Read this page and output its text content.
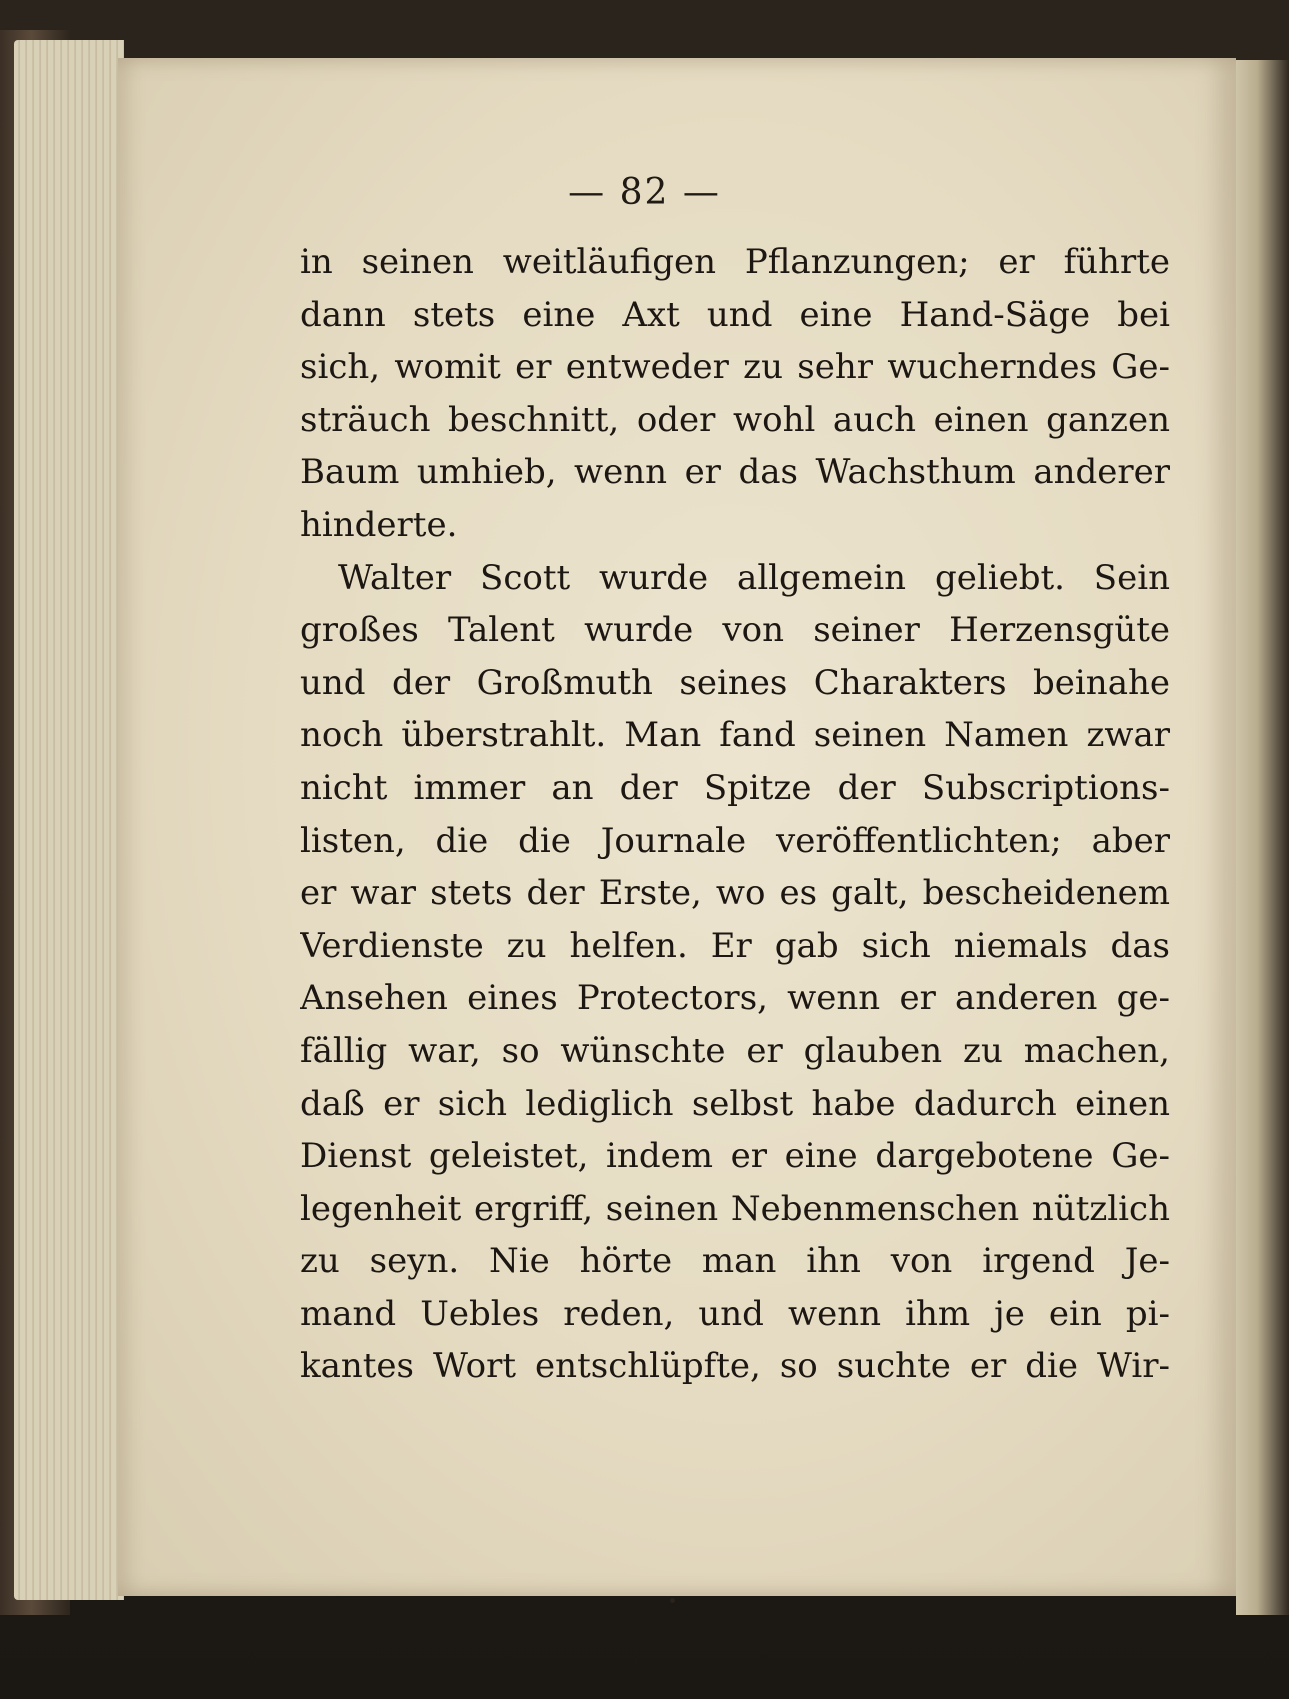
— 82 —
in seinen weitläufigen Pflanzungen; er führte
dann stets eine Axt und eine Hand-Säge bei
sich, womit er entweder zu sehr wucherndes Ge-
sträuch beschnitt, oder wohl auch einen ganzen
Baum umhieb, wenn er das Wachsthum anderer
hinderte.
Walter Scott wurde allgemein geliebt. Sein
großes Talent wurde von seiner Herzensgüte
und der Großmuth seines Charakters beinahe
noch überstrahlt. Man fand seinen Namen zwar
nicht immer an der Spitze der Subscriptions-
listen, die die Journale veröffentlichten; aber
er war stets der Erste, wo es galt, bescheidenem
Verdienste zu helfen. Er gab sich niemals das
Ansehen eines Protectors, wenn er anderen ge-
fällig war, so wünschte er glauben zu machen,
daß er sich lediglich selbst habe dadurch einen
Dienst geleistet, indem er eine dargebotene Ge-
legenheit ergriff, seinen Nebenmenschen nützlich
zu seyn. Nie hörte man ihn von irgend Je-
mand Uebles reden, und wenn ihm je ein pi-
kantes Wort entschlüpfte, so suchte er die Wir-
